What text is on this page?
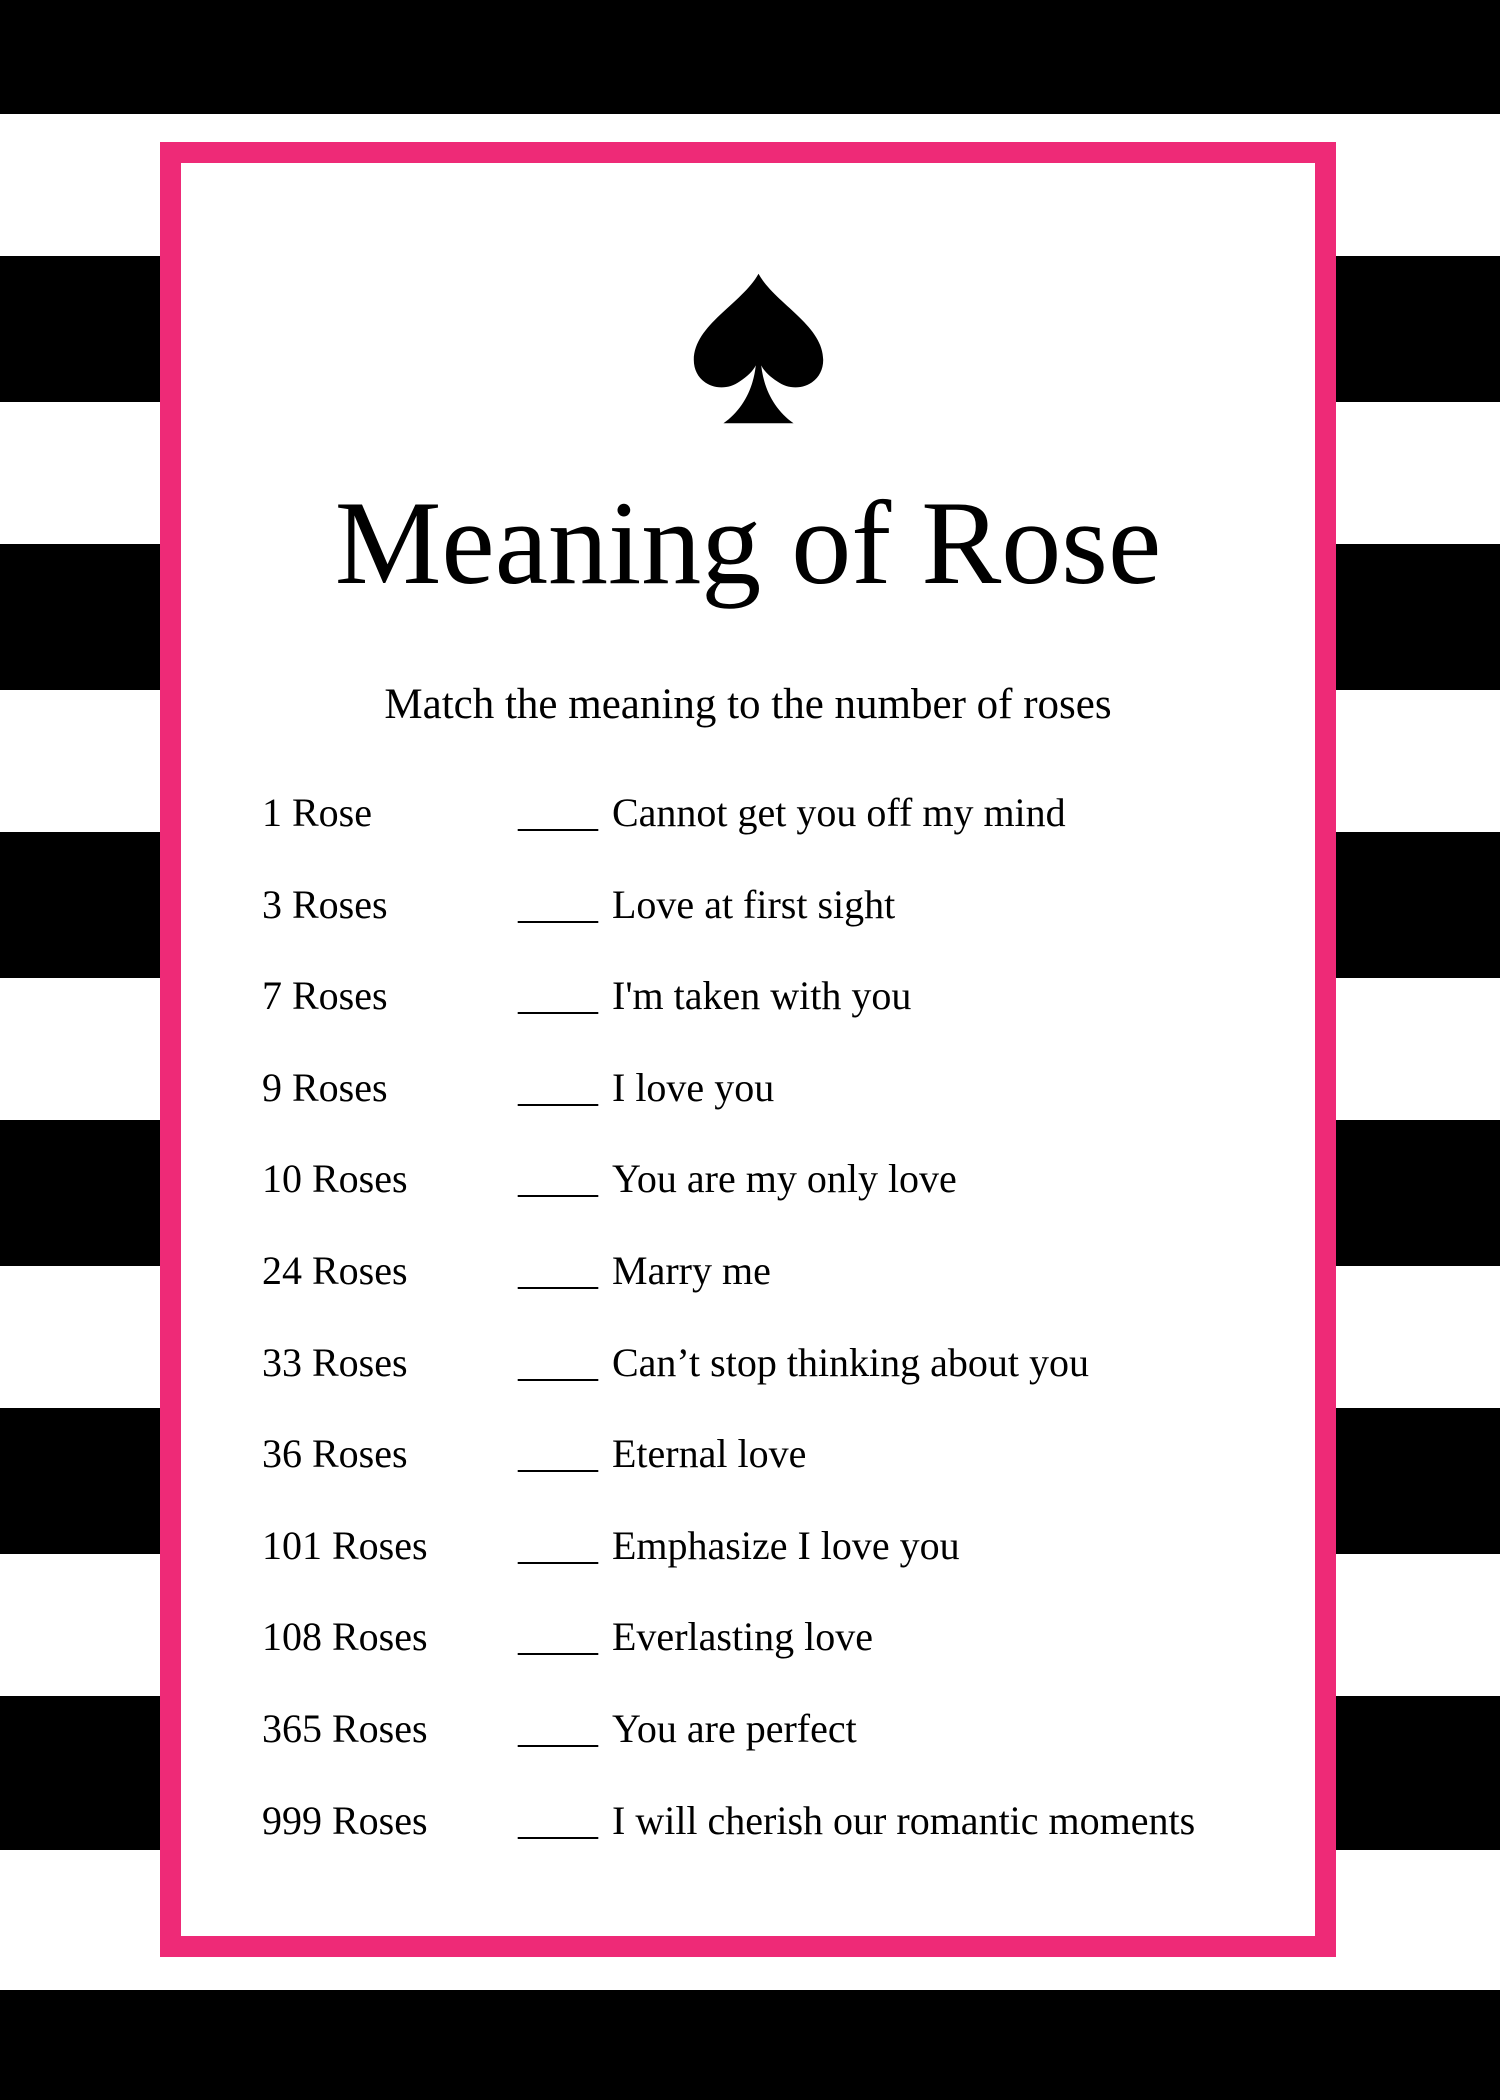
Meaning of Rose

Match the meaning to the number of roses

1 Rose	____ Cannot get you off my mind
3 Roses	____ Love at first sight
7 Roses	____ I'm taken with you
9 Roses	____ I love you
10 Roses	____ You are my only love
24 Roses	____ Marry me
33 Roses	____ Can’t stop thinking about you
36 Roses	____ Eternal love
101 Roses ____ Emphasize I love you
108 Roses ____ Everlasting love
365 Roses ____ You are perfect
999 Roses ____ I will cherish our romantic moments
